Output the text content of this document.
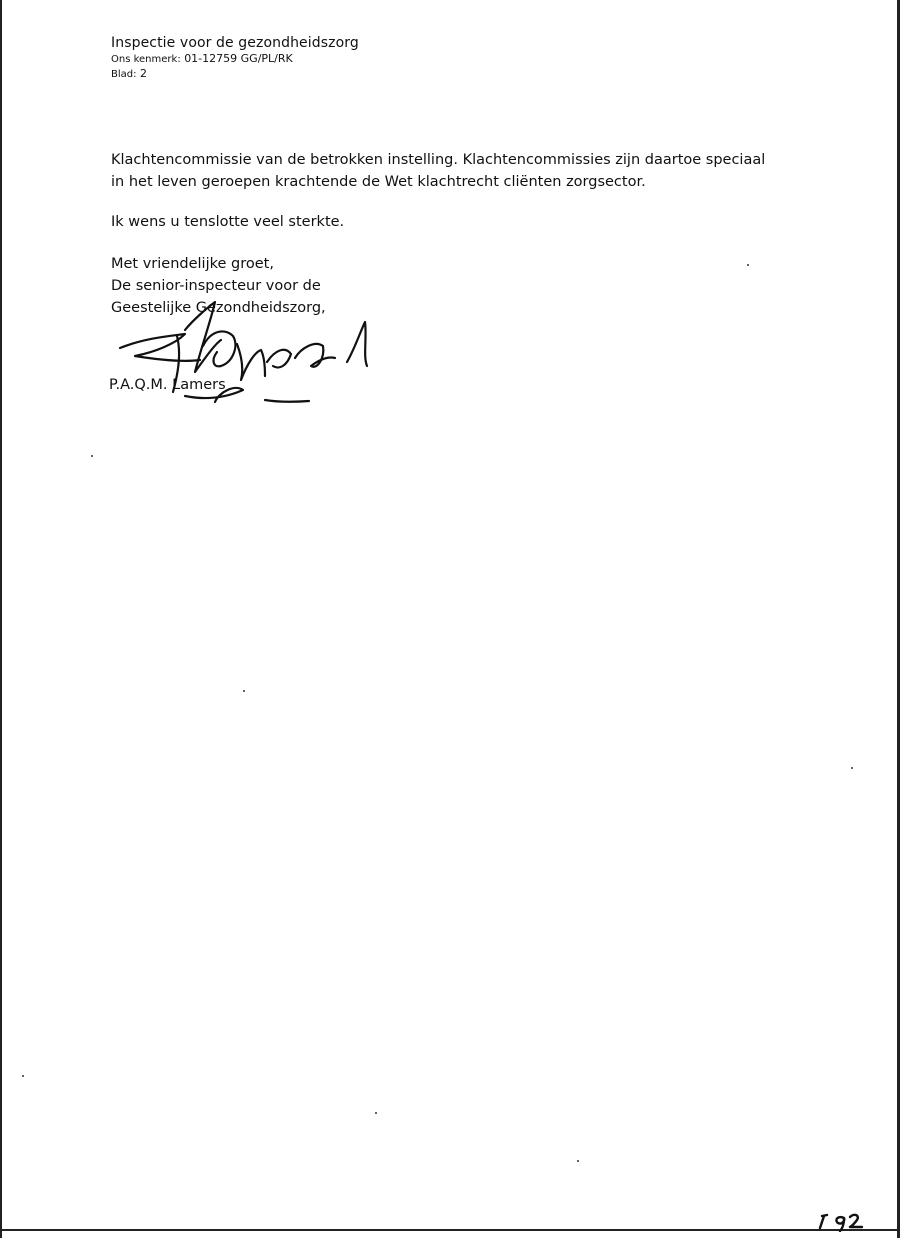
Inspectie voor de gezondheidszorg
Ons kenmerk: 01-12759 GG/PL/RK
Blad: 2

Klachtencommissie van de betrokken instelling. Klachtencommissies zijn daartoe speciaal

in het leven geroepen krachtende de Wet klachtrecht cliënten zorgsector.

Ik wens u tenslotte veel sterkte.

Met vriendelijke groet,
De senior-inspecteur voor de
Geestelijke Gezondheidszorg,
P.A.Q.M. Lamers
